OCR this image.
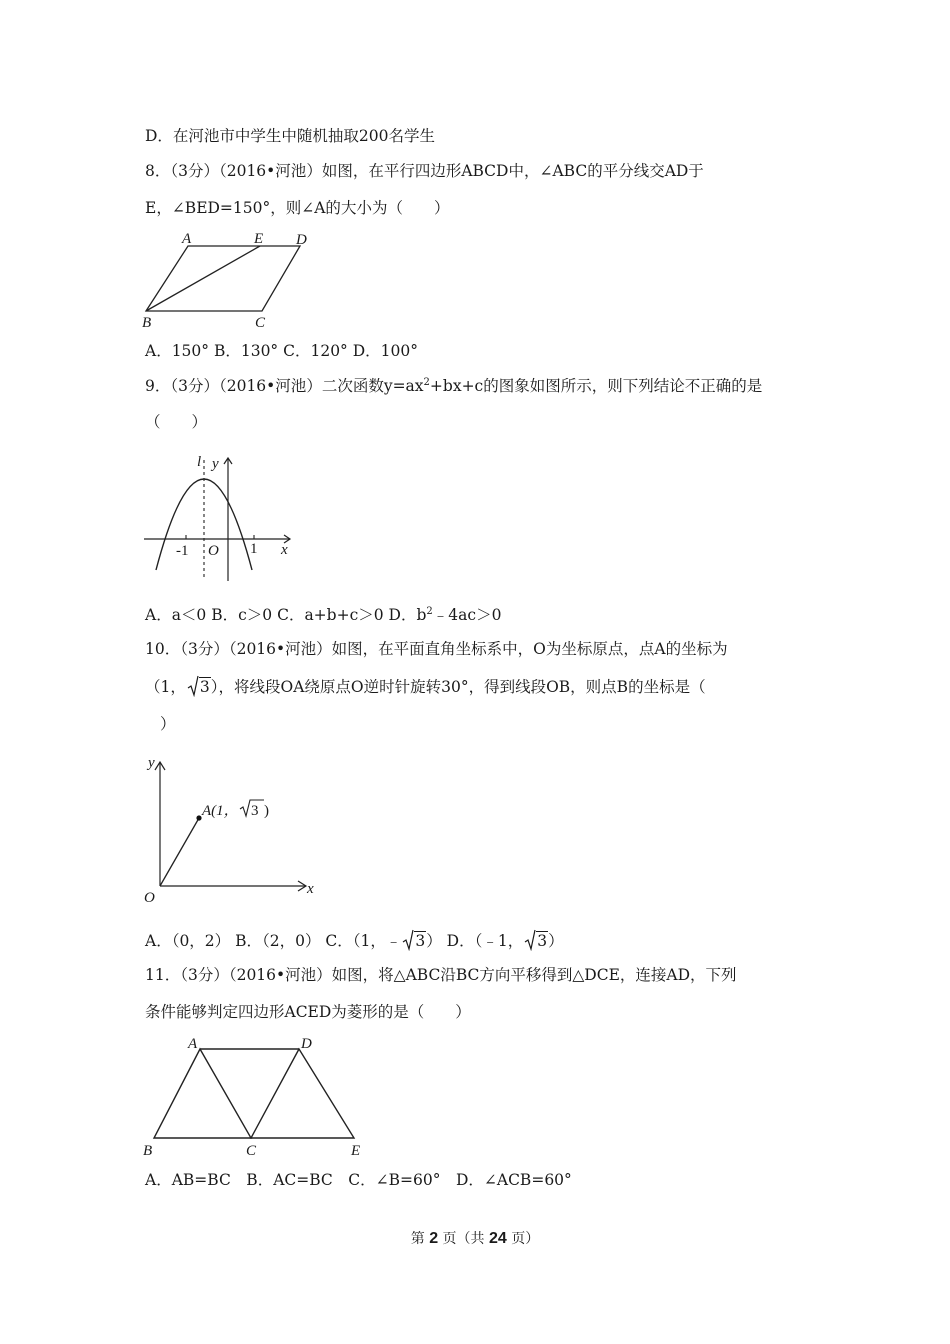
D．在河池市中学生中随机抽取200名学生
8．（3分）（2016•河池）如图，在平行四边形ABCD中，∠ABC的平分线交AD于
E，∠BED=150°，则∠A的大小为（　　）
A	E D
B	C
A．150° B．130° C．120° D．100°
9．（3分）（2016•河池）二次函数$y=ax^2+bx+c$的图象如图所示，则下列结论不正确的是
（　　）
l y
x
-1 O 1
A．a＜0 B．c＞0 C．a+b+c＞0 D．$b^2﹣4ac>0$
10．（3分）（2016•河池）如图，在平面直角坐标系中，O为坐标原点，点A的坐标为
（1， 3），将线段OA绕原点O逆时针旋转30°，得到线段OB，则点B的坐标是（
）
y
x
O
A(1， 3 )
A．（0，2） B．（2，0） C．（1，﹣ 3） D．（﹣1， 3）
11．（3分）（2016•河池）如图，将△ABC沿BC方向平移得到△DCE，连接AD，下列
条件能够判定四边形ACED为菱形的是（　　）
A	D
B	C	E
A．AB=BC　B．AC=BC　C．∠B=60°　D．∠ACB=60°
第 2 页（共 24 页）
